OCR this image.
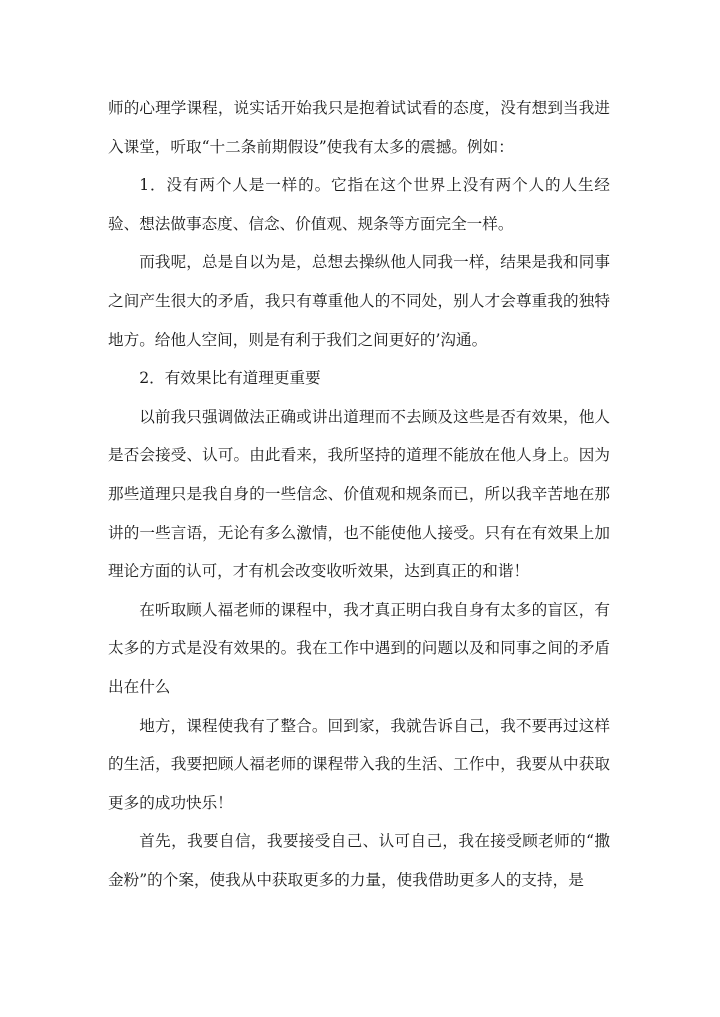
师的心理学课程，说实话开始我只是抱着试试看的态度，没有想到当我进入课堂，听取“十二条前期假设”使我有太多的震撼。例如：

1．没有两个人是一样的。它指在这个世界上没有两个人的人生经验、想法做事态度、信念、价值观、规条等方面完全一样。

而我呢，总是自以为是，总想去操纵他人同我一样，结果是我和同事之间产生很大的矛盾，我只有尊重他人的不同处，别人才会尊重我的独特地方。给他人空间，则是有利于我们之间更好的’沟通。

2．有效果比有道理更重要

以前我只强调做法正确或讲出道理而不去顾及这些是否有效果，他人是否会接受、认可。由此看来，我所坚持的道理不能放在他人身上。因为那些道理只是我自身的一些信念、价值观和规条而已，所以我辛苦地在那讲的一些言语，无论有多么激情，也不能使他人接受。只有在有效果上加理论方面的认可，才有机会改变收听效果，达到真正的和谐！

在听取顾人福老师的课程中，我才真正明白我自身有太多的盲区，有太多的方式是没有效果的。我在工作中遇到的问题以及和同事之间的矛盾出在什么

地方，课程使我有了整合。回到家，我就告诉自己，我不要再过这样的生活，我要把顾人福老师的课程带入我的生活、工作中，我要从中获取更多的成功快乐！

首先，我要自信，我要接受自己、认可自己，我在接受顾老师的“撒金粉”的个案，使我从中获取更多的力量，使我借助更多人的支持，是
